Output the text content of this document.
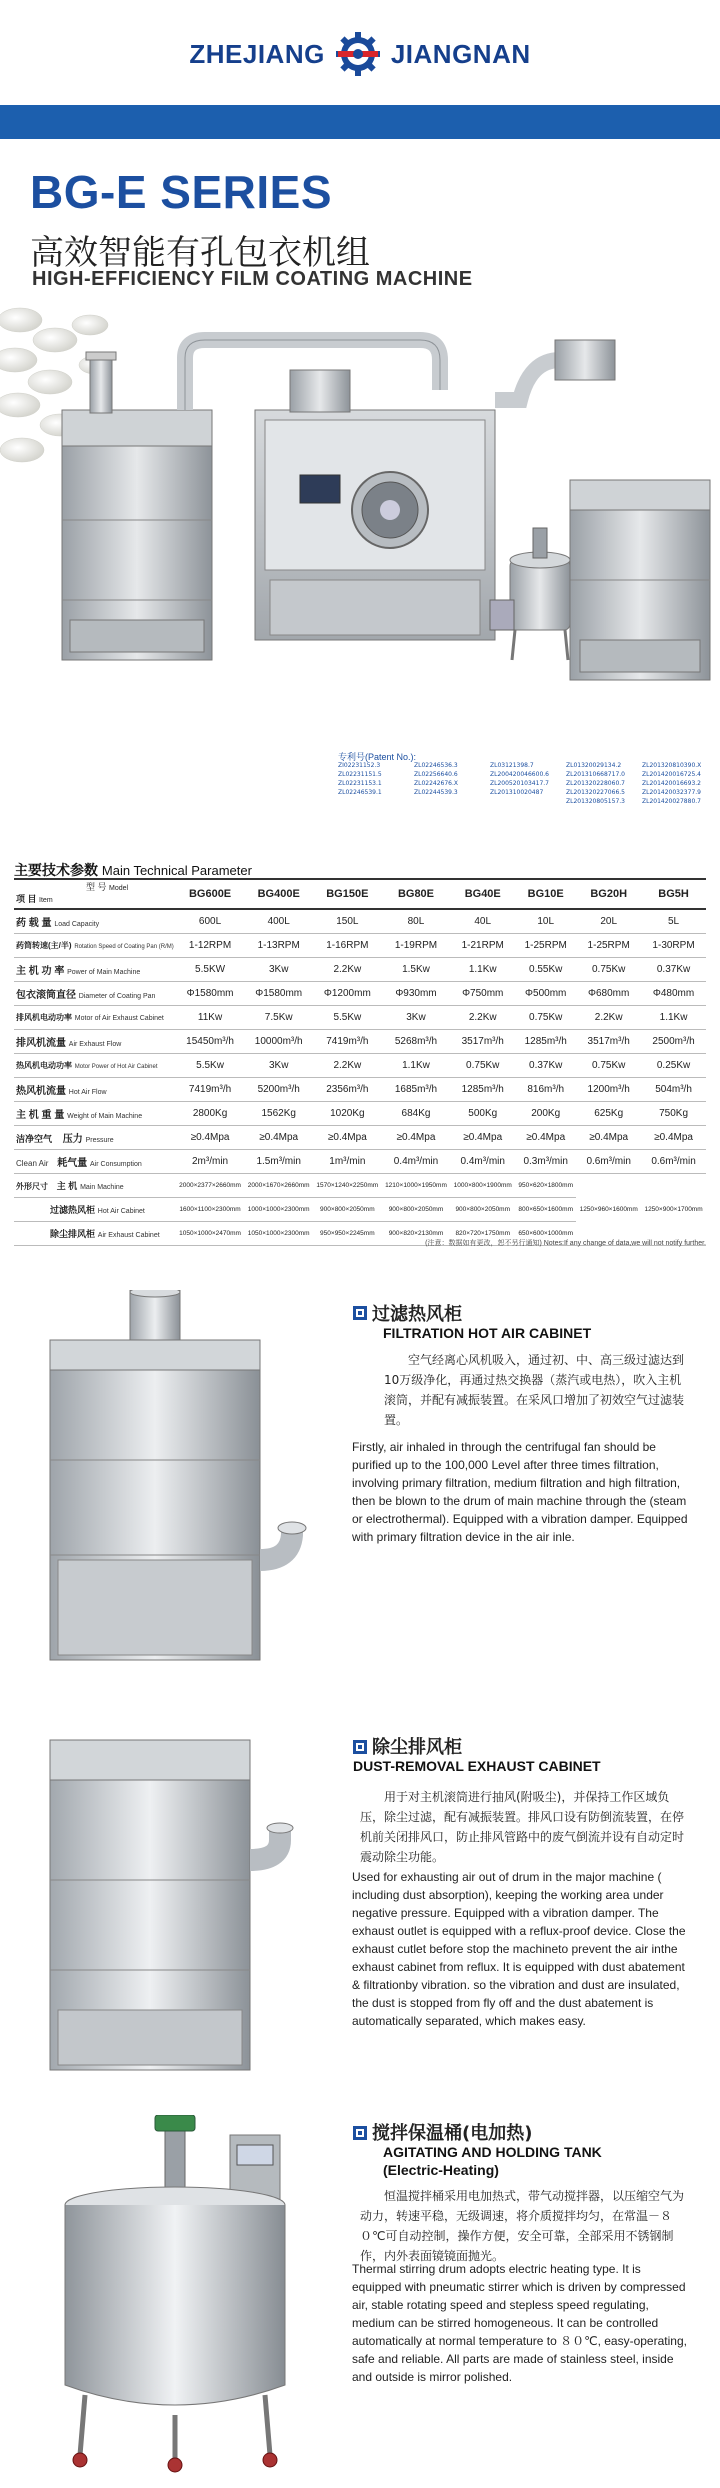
ZHEJIANG	JIANGNAN
BG-E SERIES
高效智能有孔包衣机组
HIGH-EFFICIENCY FILM COATING MACHINE
专利号(Patent No.):
ZI02231152.3	ZL02246536.3	ZL03121398.7	ZL01320029134.2	ZL201320810390.X
ZL02231151.5	ZL02256640.6	ZL200420046600.6	ZL201310668717.0	ZL201420016725.4
ZL02231153.1	ZL02242676.X	ZL200520103417.7	ZL201320228060.7	ZL201420016693.2
ZL02246539.1	ZL02244539.3	ZL201310020487	ZL201320227066.5	ZL201420032377.9
ZL201320805157.3	ZL201420027880.7
主要技术参数 Main Technical Parameter
型 号 Model
项 目 Item	BG600E	BG400E	BG150E	BG80E	BG40E	BG10E	BG20H	BG5H
药 载 量 Load Capacity	600L	400L	150L	80L	40L	10L	20L	5L
药筒转速(主/半) Rotation Speed of Coating Pan (R/M)	1-12RPM	1-13RPM	1-16RPM	1-19RPM	1-21RPM	1-25RPM	1-25RPM	1-30RPM
主 机 功 率 Power of Main Machine	5.5KW	3Kw	2.2Kw	1.5Kw	1.1Kw	0.55Kw	0.75Kw	0.37Kw
包衣滚筒直径 Diameter of Coating Pan	Φ1580mm	Φ1580mm	Φ1200mm	Φ930mm	Φ750mm	Φ500mm	Φ680mm	Φ480mm
排风机电动功率 Motor of Air Exhaust Cabinet	11Kw	7.5Kw	5.5Kw	3Kw	2.2Kw	0.75Kw	2.2Kw	1.1Kw
排风机流量 Air Exhaust Flow	15450m³/h	10000m³/h	7419m³/h	5268m³/h	3517m³/h	1285m³/h	3517m³/h	2500m³/h
热风机电动功率 Motor Power of Hot Air Cabinet	5.5Kw	3Kw	2.2Kw	1.1Kw	0.75Kw	0.37Kw	0.75Kw	0.25Kw
热风机流量 Hot Air Flow	7419m³/h	5200m³/h	2356m³/h	1685m³/h	1285m³/h	816m³/h	1200m³/h	504m³/h
主 机 重 量 Weight of Main Machine	2800Kg	1562Kg	1020Kg	684Kg	500Kg	200Kg	625Kg	750Kg
洁净空气 压力 Pressure	≥0.4Mpa	≥0.4Mpa	≥0.4Mpa	≥0.4Mpa	≥0.4Mpa	≥0.4Mpa	≥0.4Mpa	≥0.4Mpa
Clean Air 耗气量 Air Consumption	2m³/min	1.5m³/min	1m³/min	0.4m³/min	0.4m³/min	0.3m³/min	0.6m³/min	0.6m³/min
外形尺寸 主 机 Main Machine	2000×2377×2660mm	2000×1670×2660mm	1570×1240×2250mm	1210×1000×1950mm	1000×800×1900mm	950×620×1800mm	1250×960×1600mm	1250×900×1700mm
过滤热风柜 Hot Air Cabinet	1600×1100×2300mm	1000×1000×2300mm	900×800×2050mm	900×800×2050mm	900×800×2050mm	800×650×1600mm		
除尘排风柜 Air Exhaust Cabinet	1050×1000×2470mm	1050×1000×2300mm	950×950×2245mm	900×820×2130mm	820×720×1750mm	650×600×1000mm		
(注意：数据如有更改，恕不另行通知) Notes:If any change of data,we will not notify further.
过滤热风柜
FILTRATION HOT AIR CABINET
空气经离心风机吸入，通过初、中、高三级过滤达到10万级净化，再通过热交换器（蒸汽或电热），吹入主机滚筒，并配有减振装置。在采风口增加了初效空气过滤装置。
Firstly, air inhaled in through the centrifugal fan should be purified up to the 100,000 Level after three times filtration, involving primary filtration, medium filtration and high filtration, then be blown to the drum of main machine through the (steam or electrothermal). Equipped with a vibration damper. Equipped with primary filtration device in the air inle.
除尘排风柜
DUST-REMOVAL EXHAUST CABINET
用于对主机滚筒进行抽风(附吸尘)，并保持工作区域负压，除尘过滤，配有减振装置。排风口设有防倒流装置，在停机前关闭排风口，防止排风管路中的废气倒流并设有自动定时震动除尘功能。
Used for exhausting air out of drum in the major machine ( including dust absorption), keeping the working area under negative pressure. Equipped with a vibration damper. The exhaust outlet is equipped with a reflux-proof device. Close the exhaust cutlet before stop the machineto prevent the air inthe exhaust cabinet from reflux. It is equipped with dust abatement & filtrationby vibration. so the vibration and dust are insulated, the dust is stopped from fly off and the dust abatement is automatically separated, which makes easy.
搅拌保温桶(电加热)
AGITATING AND HOLDING TANK
(Electric-Heating)
恒温搅拌桶采用电加热式，带气动搅拌器，以压缩空气为动力，转速平稳，无级调速，将介质搅拌均匀，在常温－８０℃可自动控制，操作方便，安全可靠，全部采用不锈钢制作，内外表面镜镜面抛光。
Thermal stirring drum adopts electric heating type. It is equipped with pneumatic stirrer which is driven by compressed air, stable rotating speed and stepless speed regulating, medium can be stirred homogeneous. It can be controlled automatically at normal temperature to ８０℃, easy-operating, safe and reliable. All parts are made of stainless steel, inside and outside is mirror polished.
